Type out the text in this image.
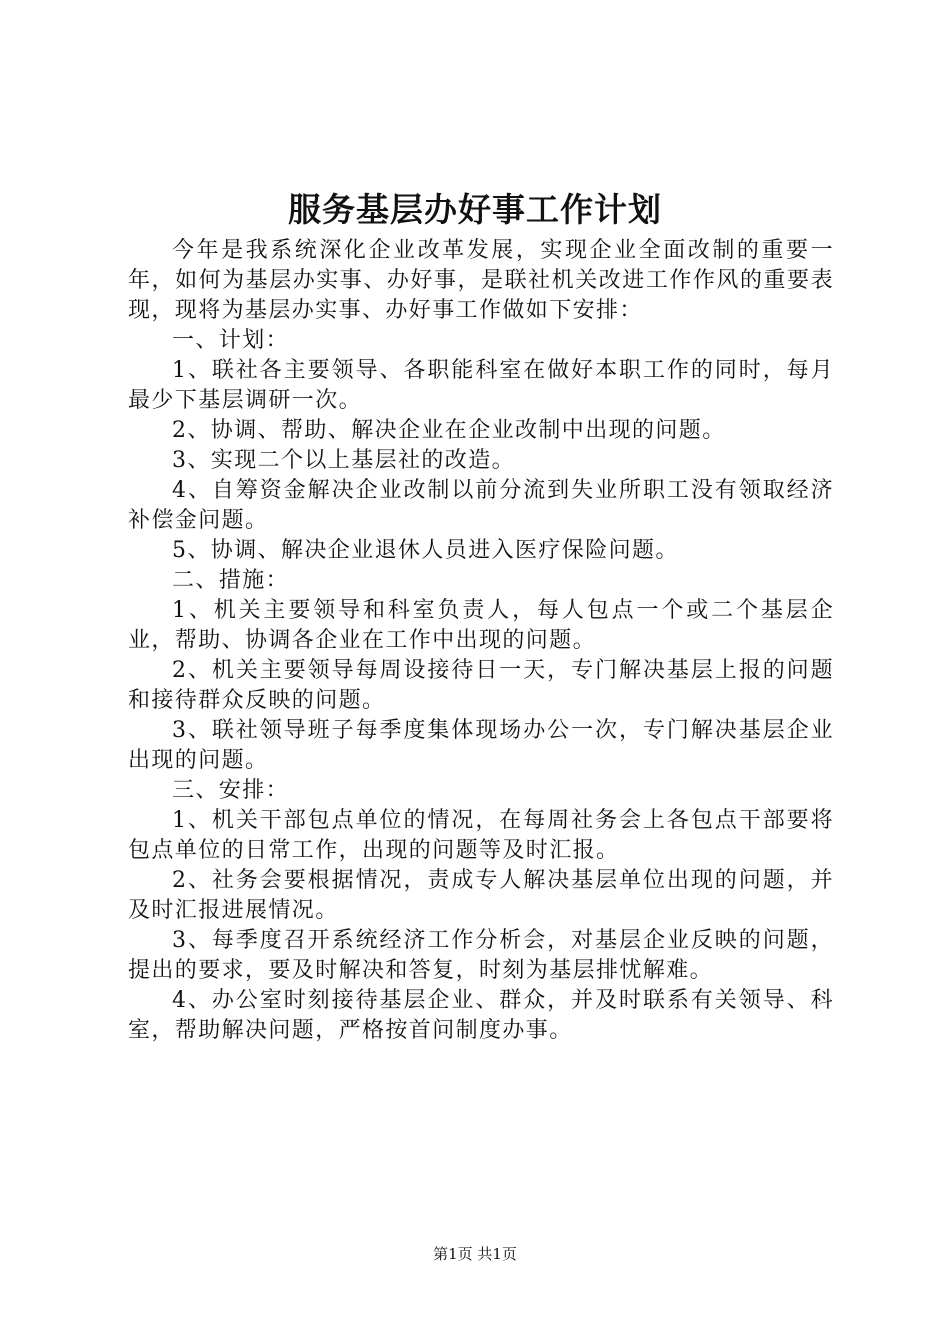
服务基层办好事工作计划

今年是我系统深化企业改革发展，实现企业全面改制的重要一年，如何为基层办实事、办好事，是联社机关改进工作作风的重要表现，现将为基层办实事、办好事工作做如下安排：

一、计划：

1、联社各主要领导、各职能科室在做好本职工作的同时，每月最少下基层调研一次。

2、协调、帮助、解决企业在企业改制中出现的问题。

3、实现二个以上基层社的改造。

4、自筹资金解决企业改制以前分流到失业所职工没有领取经济补偿金问题。

5、协调、解决企业退休人员进入医疗保险问题。

二、措施：

1、机关主要领导和科室负责人，每人包点一个或二个基层企业，帮助、协调各企业在工作中出现的问题。

2、机关主要领导每周设接待日一天，专门解决基层上报的问题和接待群众反映的问题。

3、联社领导班子每季度集体现场办公一次，专门解决基层企业出现的问题。

三、安排：

1、机关干部包点单位的情况，在每周社务会上各包点干部要将包点单位的日常工作，出现的问题等及时汇报。

2、社务会要根据情况，责成专人解决基层单位出现的问题，并及时汇报进展情况。

3、每季度召开系统经济工作分析会，对基层企业反映的问题，提出的要求，要及时解决和答复，时刻为基层排忧解难。

4、办公室时刻接待基层企业、群众，并及时联系有关领导、科室，帮助解决问题，严格按首问制度办事。

第1页 共1页
